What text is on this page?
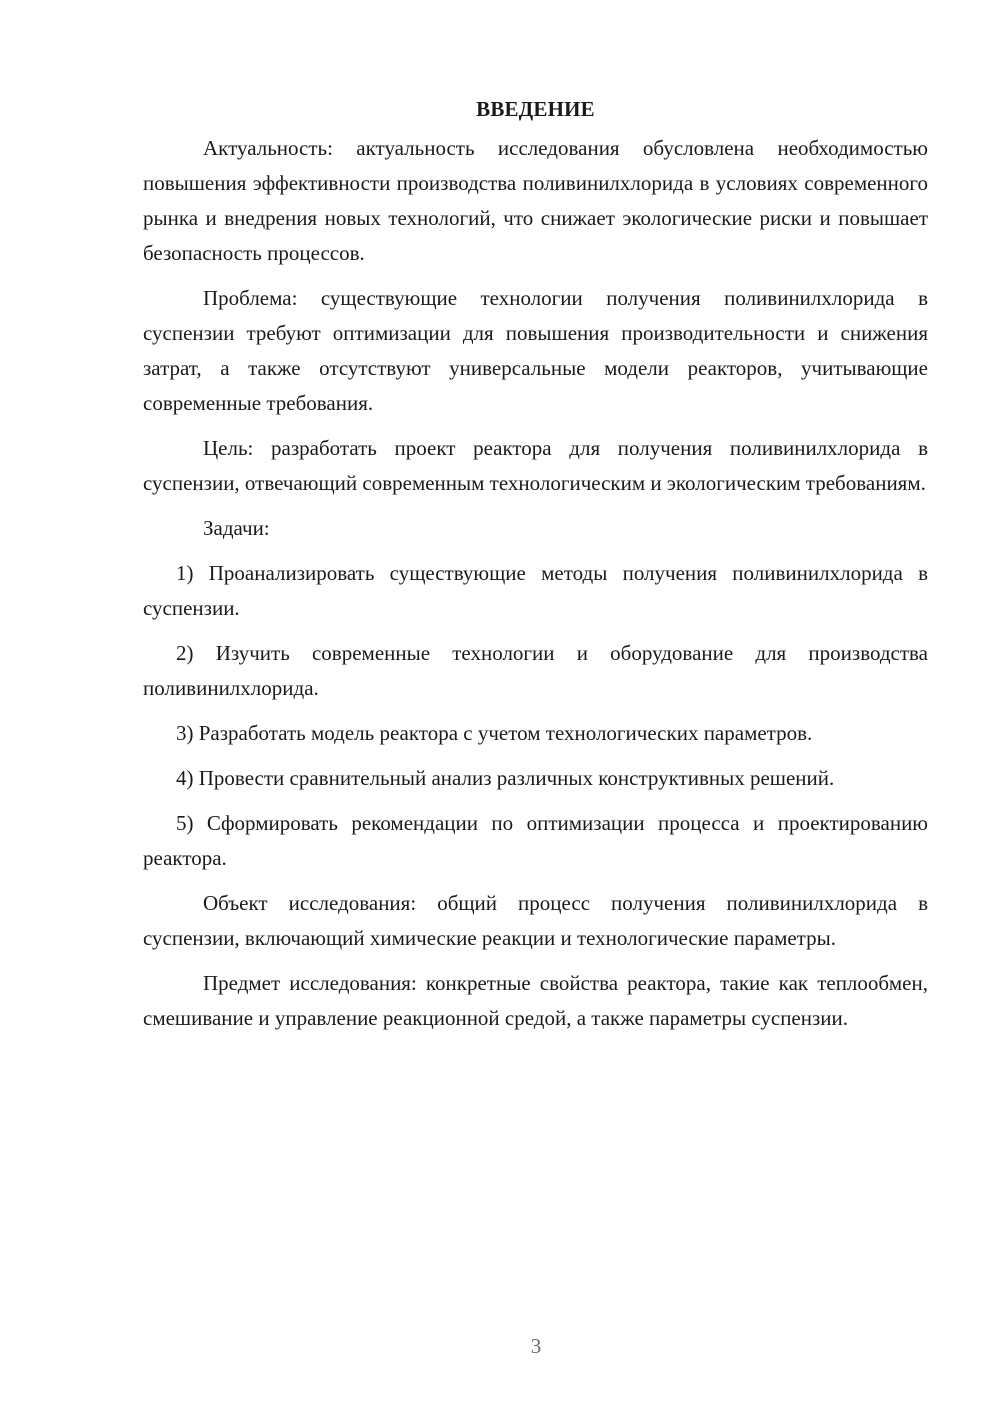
ВВЕДЕНИЕ

Актуальность: актуальность исследования обусловлена необходимостью повышения эффективности производства поливинилхлорида в условиях современного рынка и внедрения новых технологий, что снижает экологические риски и повышает безопасность процессов.

Проблема: существующие технологии получения поливинилхлорида в суспензии требуют оптимизации для повышения производительности и снижения затрат, а также отсутствуют универсальные модели реакторов, учитывающие современные требования.

Цель: разработать проект реактора для получения поливинилхлорида в суспензии, отвечающий современным технологическим и экологическим требованиям.

Задачи:

1) Проанализировать существующие методы получения поливинилхлорида в суспензии.

2) Изучить современные технологии и оборудование для производства поливинилхлорида.

3) Разработать модель реактора с учетом технологических параметров.

4) Провести сравнительный анализ различных конструктивных решений.

5) Сформировать рекомендации по оптимизации процесса и проектированию реактора.

Объект исследования: общий процесс получения поливинилхлорида в суспензии, включающий химические реакции и технологические параметры.

Предмет исследования: конкретные свойства реактора, такие как теплообмен, смешивание и управление реакционной средой, а также параметры суспензии.

3
